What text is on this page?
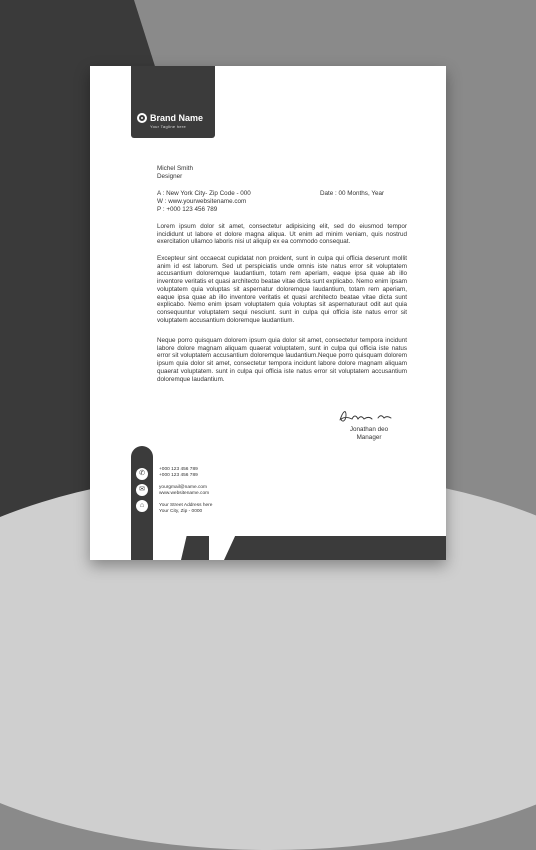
Brand Name
Your Tagline here
Michel Smith
Designer
A : New York City- Zip Code - 000
W : www.yourwebsitename.com
P : +000 123 456 789
Date : 00 Months, Year
Lorem ipsum dolor sit amet, consectetur adipisicing elit, sed do eiusmod tempor incididunt ut labore et dolore magna aliqua. Ut enim ad minim veniam, quis nostrud exercitation ullamco laboris nisi ut aliquip ex ea commodo consequat.
Excepteur sint occaecat cupidatat non proident, sunt in culpa qui officia deserunt mollit anim id est laborum. Sed ut perspiciatis unde omnis iste natus error sit voluptatem accusantium doloremque laudantium, totam rem aperiam, eaque ipsa quae ab illo inventore veritatis et quasi architecto beatae vitae dicta sunt explicabo. Nemo enim ipsam voluptatem quia voluptas sit aspernatur doloremque laudantium, totam rem aperiam, eaque ipsa quae ab illo inventore veritatis et quasi architecto beatae vitae dicta sunt explicabo. Nemo enim ipsam voluptatem quia voluptas sit aspernaturaut odit aut quia consequuntur voluptatem sequi nesciunt. sunt in culpa qui officia iste natus error sit voluptatem accusantium doloremque laudantium.
Neque porro quisquam dolorem ipsum quia dolor sit amet, consectetur tempora incidunt labore dolore magnam aliquam quaerat voluptatem, sunt in culpa qui officia iste natus error sit voluptatem accusantium doloremque laudantium.Neque porro quisquam dolorem ipsum quia dolor sit amet, consectetur tempora incidunt labore dolore magnam aliquam quaerat voluptatem. sunt in culpa qui officia iste natus error sit voluptatem accusantium doloremque laudantium.
Jonathan deo
Manager
✆
✉
⌂
+000 123 456 789
+000 123 456 789
yourgmail@name.com
www.websitename.com
Your Street Address here
Your City, Zip - 0000
